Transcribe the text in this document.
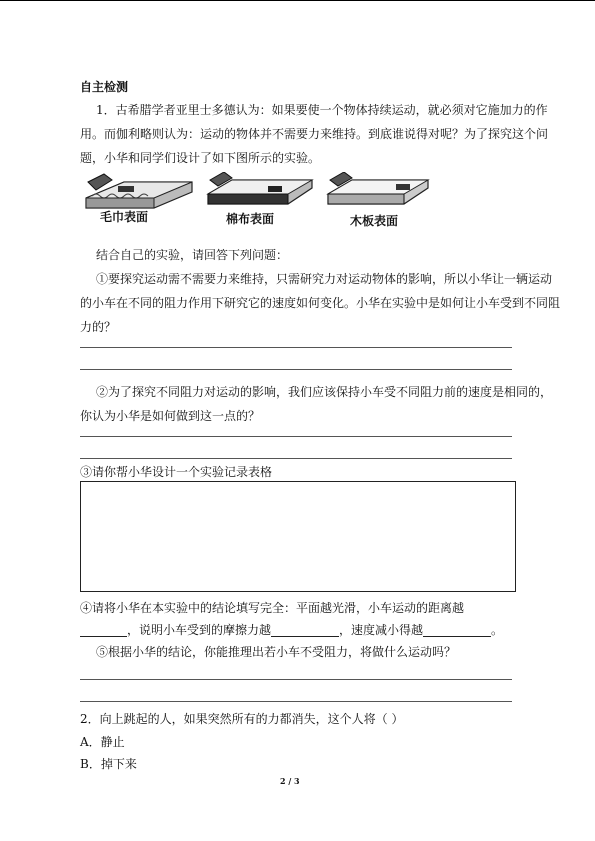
自主检测
1．古希腊学者亚里士多德认为：如果要使一个物体持续运动，就必须对它施加力的作
用。而伽利略则认为：运动的物体并不需要力来维持。到底谁说得对呢？为了探究这个问
题，小华和同学们设计了如下图所示的实验。
毛巾表面	棉布表面	木板表面
结合自己的实验，请回答下列问题：
①要探究运动需不需要力来维持，只需研究力对运动物体的影响，所以小华让一辆运动
的小车在不同的阻力作用下研究它的速度如何变化。小华在实验中是如何让小车受到不同阻
力的？
②为了探究不同阻力对运动的影响，我们应该保持小车受不同阻力前的速度是相同的，
你认为小华是如何做到这一点的？
③请你帮小华设计一个实验记录表格
④请将小华在本实验中的结论填写完全：平面越光滑，小车运动的距离越
，说明小车受到的摩擦力越	，速度减小得越	。
⑤根据小华的结论，你能推理出若小车不受阻力，将做什么运动吗？
2．向上跳起的人，如果突然所有的力都消失，这个人将（ ）
A．静止
B．掉下来
2 / 3
